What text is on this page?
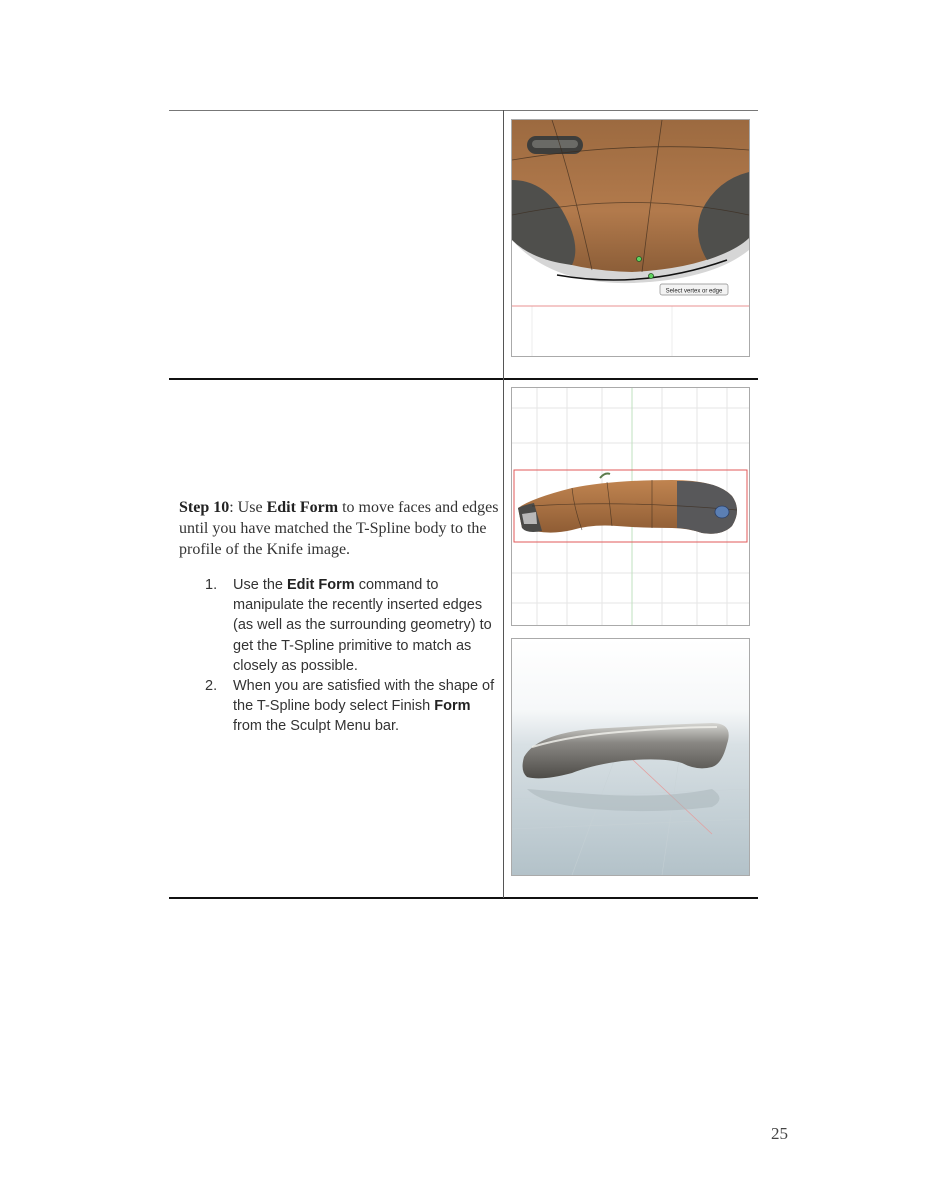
Select vertex or edge
Step 10: Use Edit Form to move faces and edges until you have matched the T-Spline body to the profile of the Knife image.
1. Use the Edit Form command to manipulate the recently inserted edges (as well as the surrounding geometry) to get the T-Spline primitive to match as closely as possible.
2. When you are satisfied with the shape of the T-Spline body select Finish Form from the Sculpt Menu bar.
25
